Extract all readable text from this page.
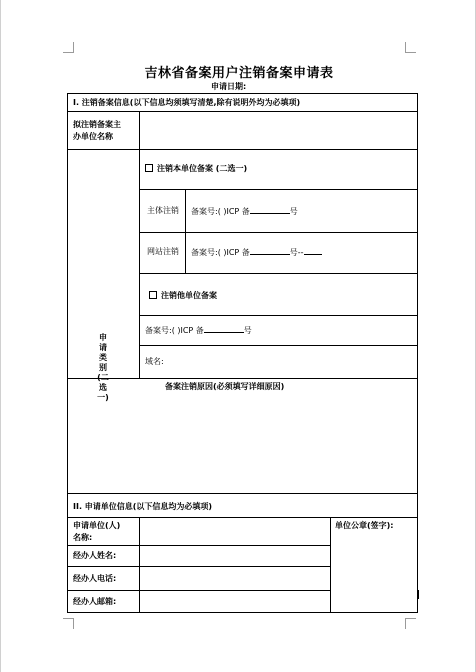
吉林省备案用户注销备案申请表
申请日期:
I. 注销备案信息(以下信息均须填写清楚,除有说明外均为必填项)
拟注销备案主
办单位名称
注销本单位备案 (二选一)
申请类别(二选一)
主体注销 备案号:( )ICP 备	号
网站注销 备案号:( )ICP 备	号--
注销他单位备案
备案号:( )ICP 备	号
域名:
备案注销原因(必须填写详细原因)
II. 申请单位信息(以下信息均为必填项)
申请单位(人)
名称:
单位公章(签字):
经办人姓名:
经办人电话:
经办人邮箱:
